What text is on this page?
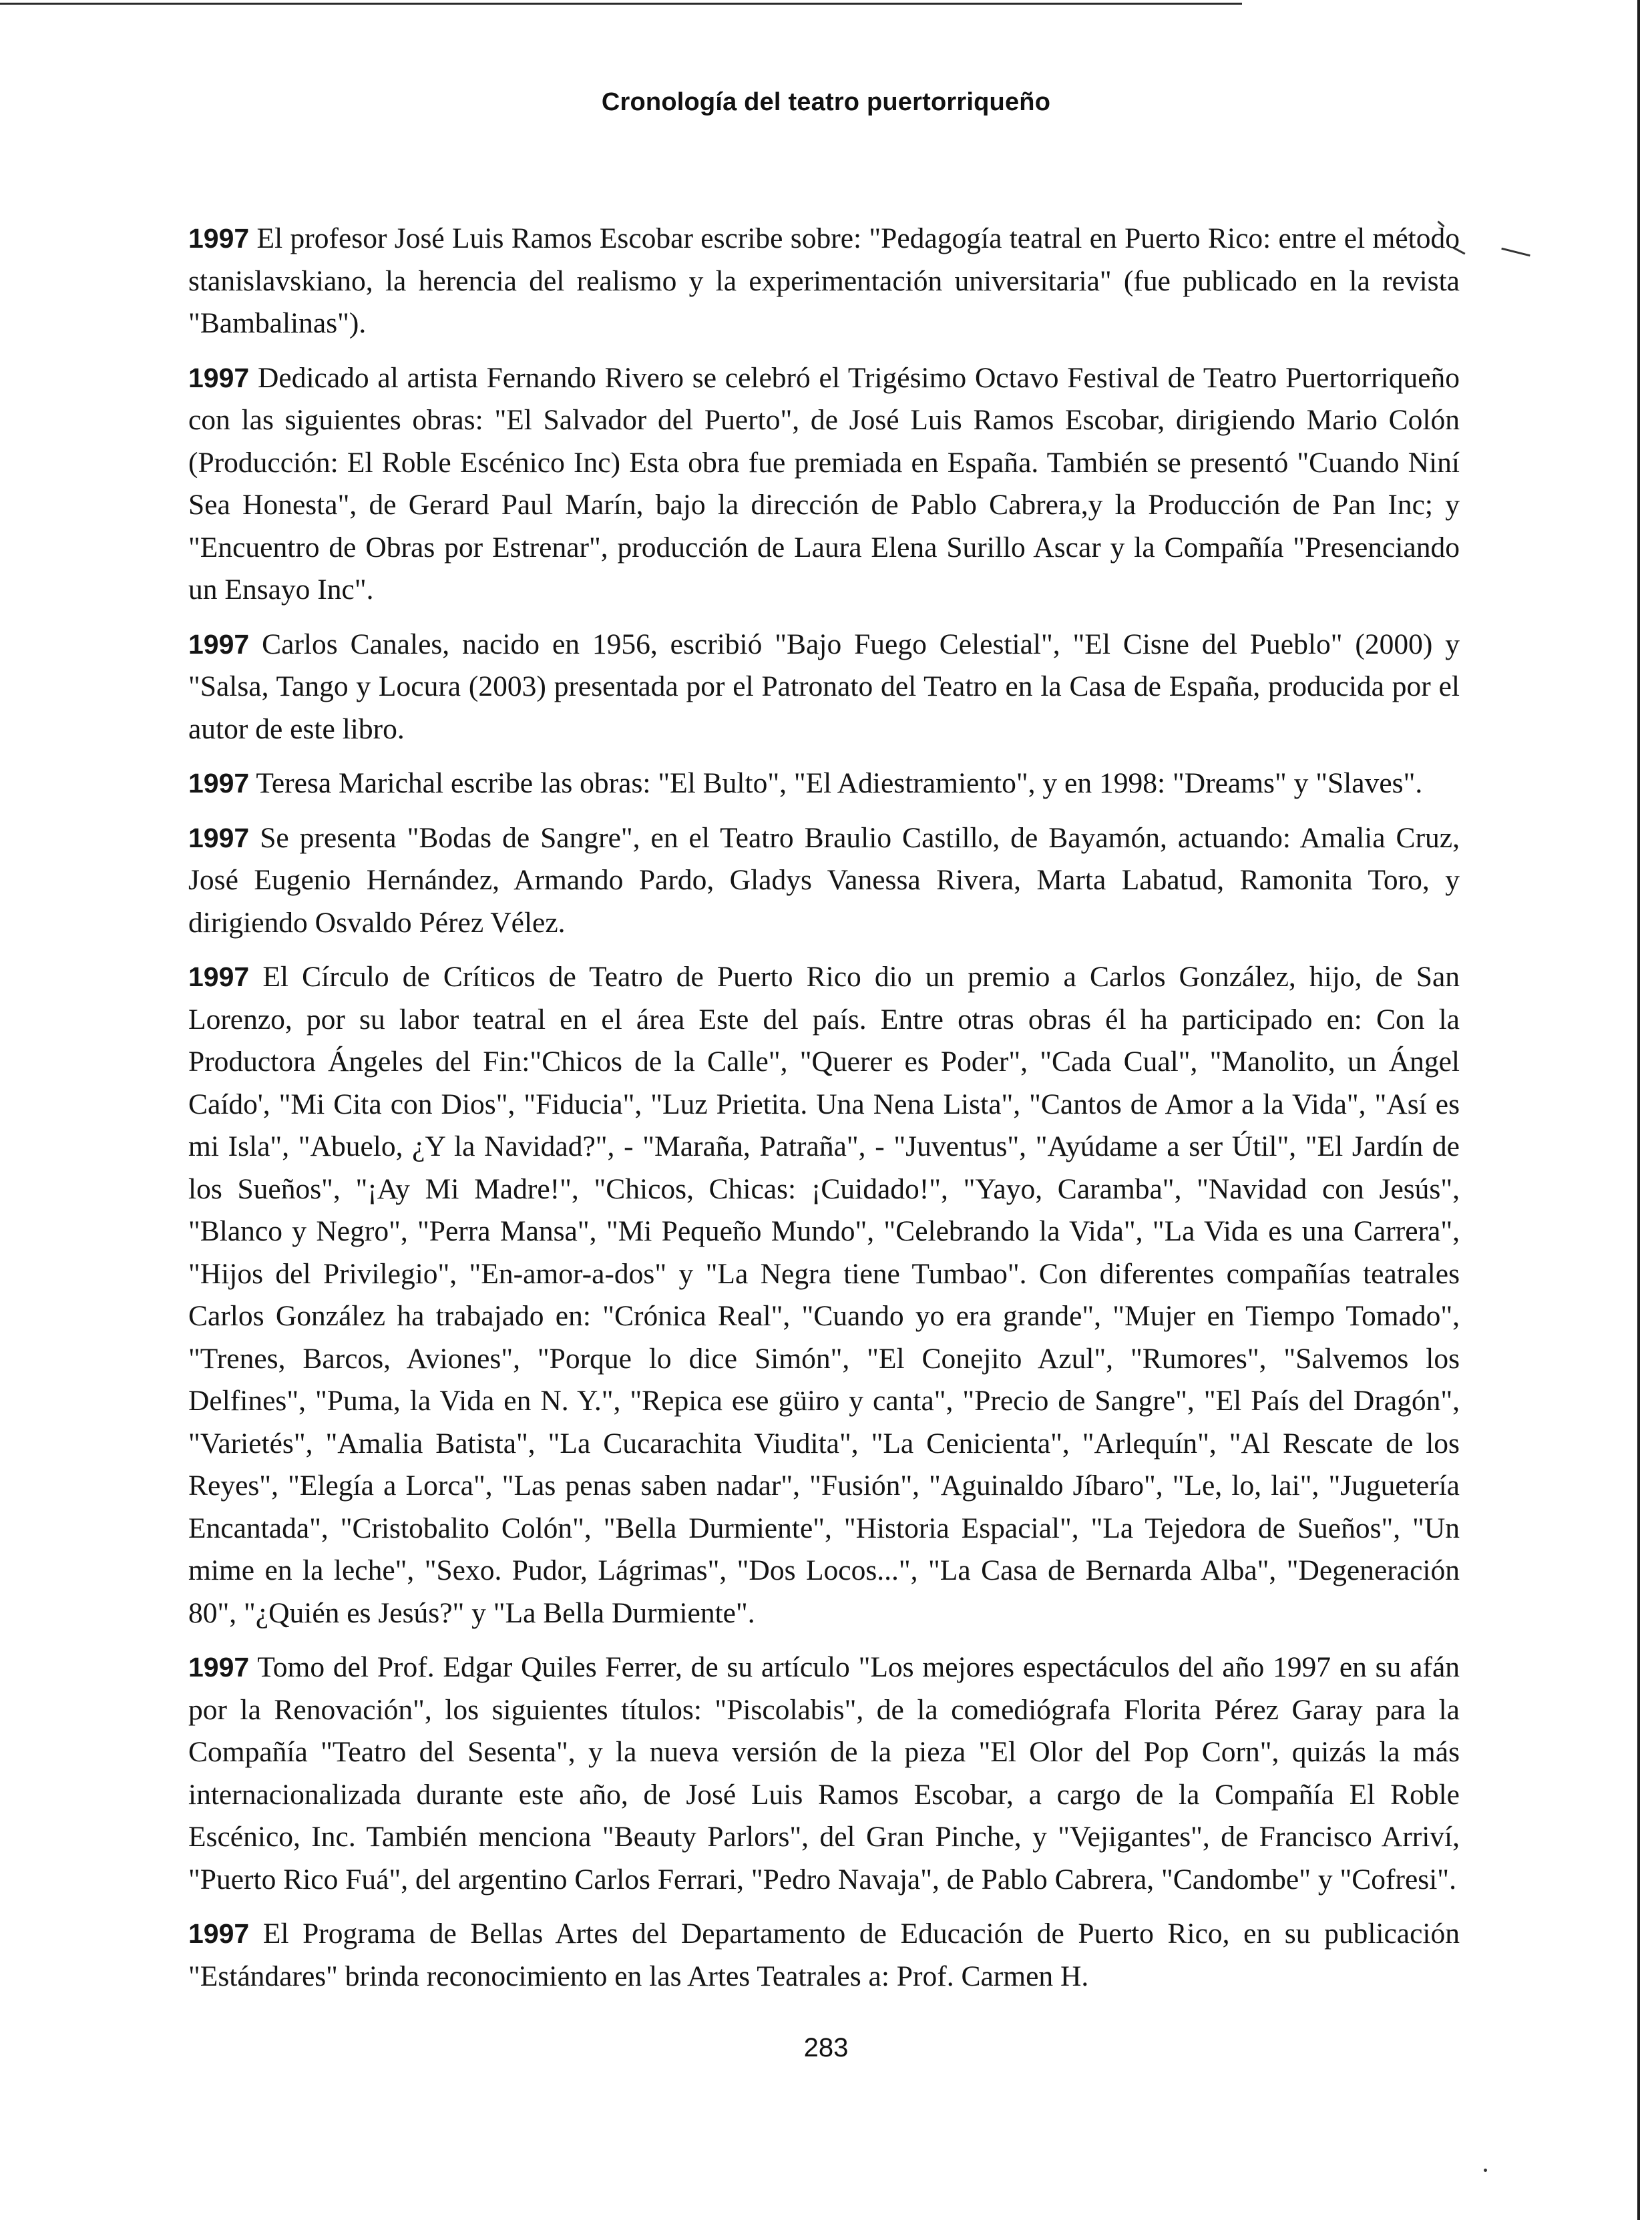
Cronología del teatro puertorriqueño

1997 El profesor José Luis Ramos Escobar escribe sobre: "Pedagogía teatral en Puerto Rico: entre el método stanislavskiano, la herencia del realismo y la experimentación universitaria" (fue publicado en la revista "Bambalinas").

1997 Dedicado al artista Fernando Rivero se celebró el Trigésimo Octavo Festival de Teatro Puertorriqueño con las siguientes obras: "El Salvador del Puerto", de José Luis Ramos Escobar, dirigiendo Mario Colón (Producción: El Roble Escénico Inc) Esta obra fue premiada en España. También se presentó "Cuando Niní Sea Honesta", de Gerard Paul Marín, bajo la dirección de Pablo Cabrera,y la Producción de Pan Inc; y "Encuentro de Obras por Estrenar", producción de Laura Elena Surillo Ascar y la Compañía "Presenciando un Ensayo Inc".

1997 Carlos Canales, nacido en 1956, escribió "Bajo Fuego Celestial", "El Cisne del Pueblo" (2000) y "Salsa, Tango y Locura (2003) presentada por el Patronato del Teatro en la Casa de España, producida por el autor de este libro.

1997 Teresa Marichal escribe las obras: "El Bulto", "El Adiestramiento", y en 1998: "Dreams" y "Slaves".

1997 Se presenta "Bodas de Sangre", en el Teatro Braulio Castillo, de Bayamón, actuando: Amalia Cruz, José Eugenio Hernández, Armando Pardo, Gladys Vanessa Rivera, Marta Labatud, Ramonita Toro, y dirigiendo Osvaldo Pérez Vélez.

1997 El Círculo de Críticos de Teatro de Puerto Rico dio un premio a Carlos González, hijo, de San Lorenzo, por su labor teatral en el área Este del país. Entre otras obras él ha participado en: Con la Productora Ángeles del Fin:"Chicos de la Calle", "Querer es Poder", "Cada Cual", "Manolito, un Ángel Caído', "Mi Cita con Dios", "Fiducia", "Luz Prietita. Una Nena Lista", "Cantos de Amor a la Vida", "Así es mi Isla", "Abuelo, ¿Y la Navidad?", - "Maraña, Patraña", - "Juventus", "Ayúdame a ser Útil", "El Jardín de los Sueños", "¡Ay Mi Madre!", "Chicos, Chicas: ¡Cuidado!", "Yayo, Caramba", "Navidad con Jesús", "Blanco y Negro", "Perra Mansa", "Mi Pequeño Mundo", "Celebrando la Vida", "La Vida es una Carrera", "Hijos del Privilegio", "En-amor-a-dos" y "La Negra tiene Tumbao". Con diferentes compañías teatrales Carlos González ha trabajado en: "Crónica Real", "Cuando yo era grande", "Mujer en Tiempo Tomado", "Trenes, Barcos, Aviones", "Porque lo dice Simón", "El Conejito Azul", "Rumores", "Salvemos los Delfines", "Puma, la Vida en N. Y.", "Repica ese güiro y canta", "Precio de Sangre", "El País del Dragón", "Varietés", "Amalia Batista", "La Cucarachita Viudita", "La Cenicienta", "Arlequín", "Al Rescate de los Reyes", "Elegía a Lorca", "Las penas saben nadar", "Fusión", "Aguinaldo Jíbaro", "Le, lo, lai", "Juguetería Encantada", "Cristobalito Colón", "Bella Durmiente", "Historia Espacial", "La Tejedora de Sueños", "Un mime en la leche", "Sexo. Pudor, Lágrimas", "Dos Locos...", "La Casa de Bernarda Alba", "Degeneración 80", "¿Quién es Jesús?" y "La Bella Durmiente".

1997 Tomo del Prof. Edgar Quiles Ferrer, de su artículo "Los mejores espectáculos del año 1997 en su afán por la Renovación", los siguientes títulos: "Piscolabis", de la comediógrafa Florita Pérez Garay para la Compañía "Teatro del Sesenta", y la nueva versión de la pieza "El Olor del Pop Corn", quizás la más internacionalizada durante este año, de José Luis Ramos Escobar, a cargo de la Compañía El Roble Escénico, Inc. También menciona "Beauty Parlors", del Gran Pinche, y "Vejigantes", de Francisco Arriví, "Puerto Rico Fuá", del argentino Carlos Ferrari, "Pedro Navaja", de Pablo Cabrera, "Candombe" y "Cofresi".

1997 El Programa de Bellas Artes del Departamento de Educación de Puerto Rico, en su publicación "Estándares" brinda reconocimiento en las Artes Teatrales a: Prof. Carmen H.

283
